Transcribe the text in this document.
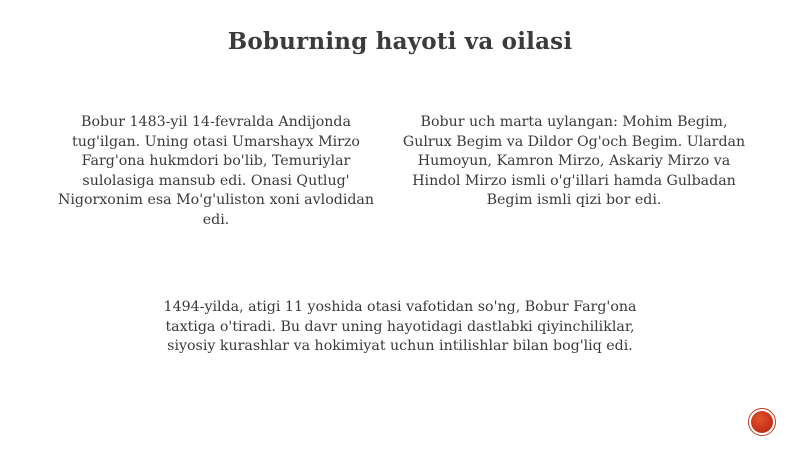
Boburning hayoti va oilasi
Bobur 1483-yil 14-fevralda Andijonda tug'ilgan. Uning otasi Umarshayx Mirzo Farg'ona hukmdori bo'lib, Temuriylar sulolasiga mansub edi. Onasi Qutlug' Nigorxonim esa Mo'g'uliston xoni avlodidan edi.
Bobur uch marta uylangan: Mohim Begim, Gulrux Begim va Dildor Og'och Begim. Ulardan Humoyun, Kamron Mirzo, Askariy Mirzo va Hindol Mirzo ismli o'g'illari hamda Gulbadan Begim ismli qizi bor edi.
1494-yilda, atigi 11 yoshida otasi vafotidan so'ng, Bobur Farg'ona taxtiga o'tiradi. Bu davr uning hayotidagi dastlabki qiyinchiliklar, siyosiy kurashlar va hokimiyat uchun intilishlar bilan bog'liq edi.
